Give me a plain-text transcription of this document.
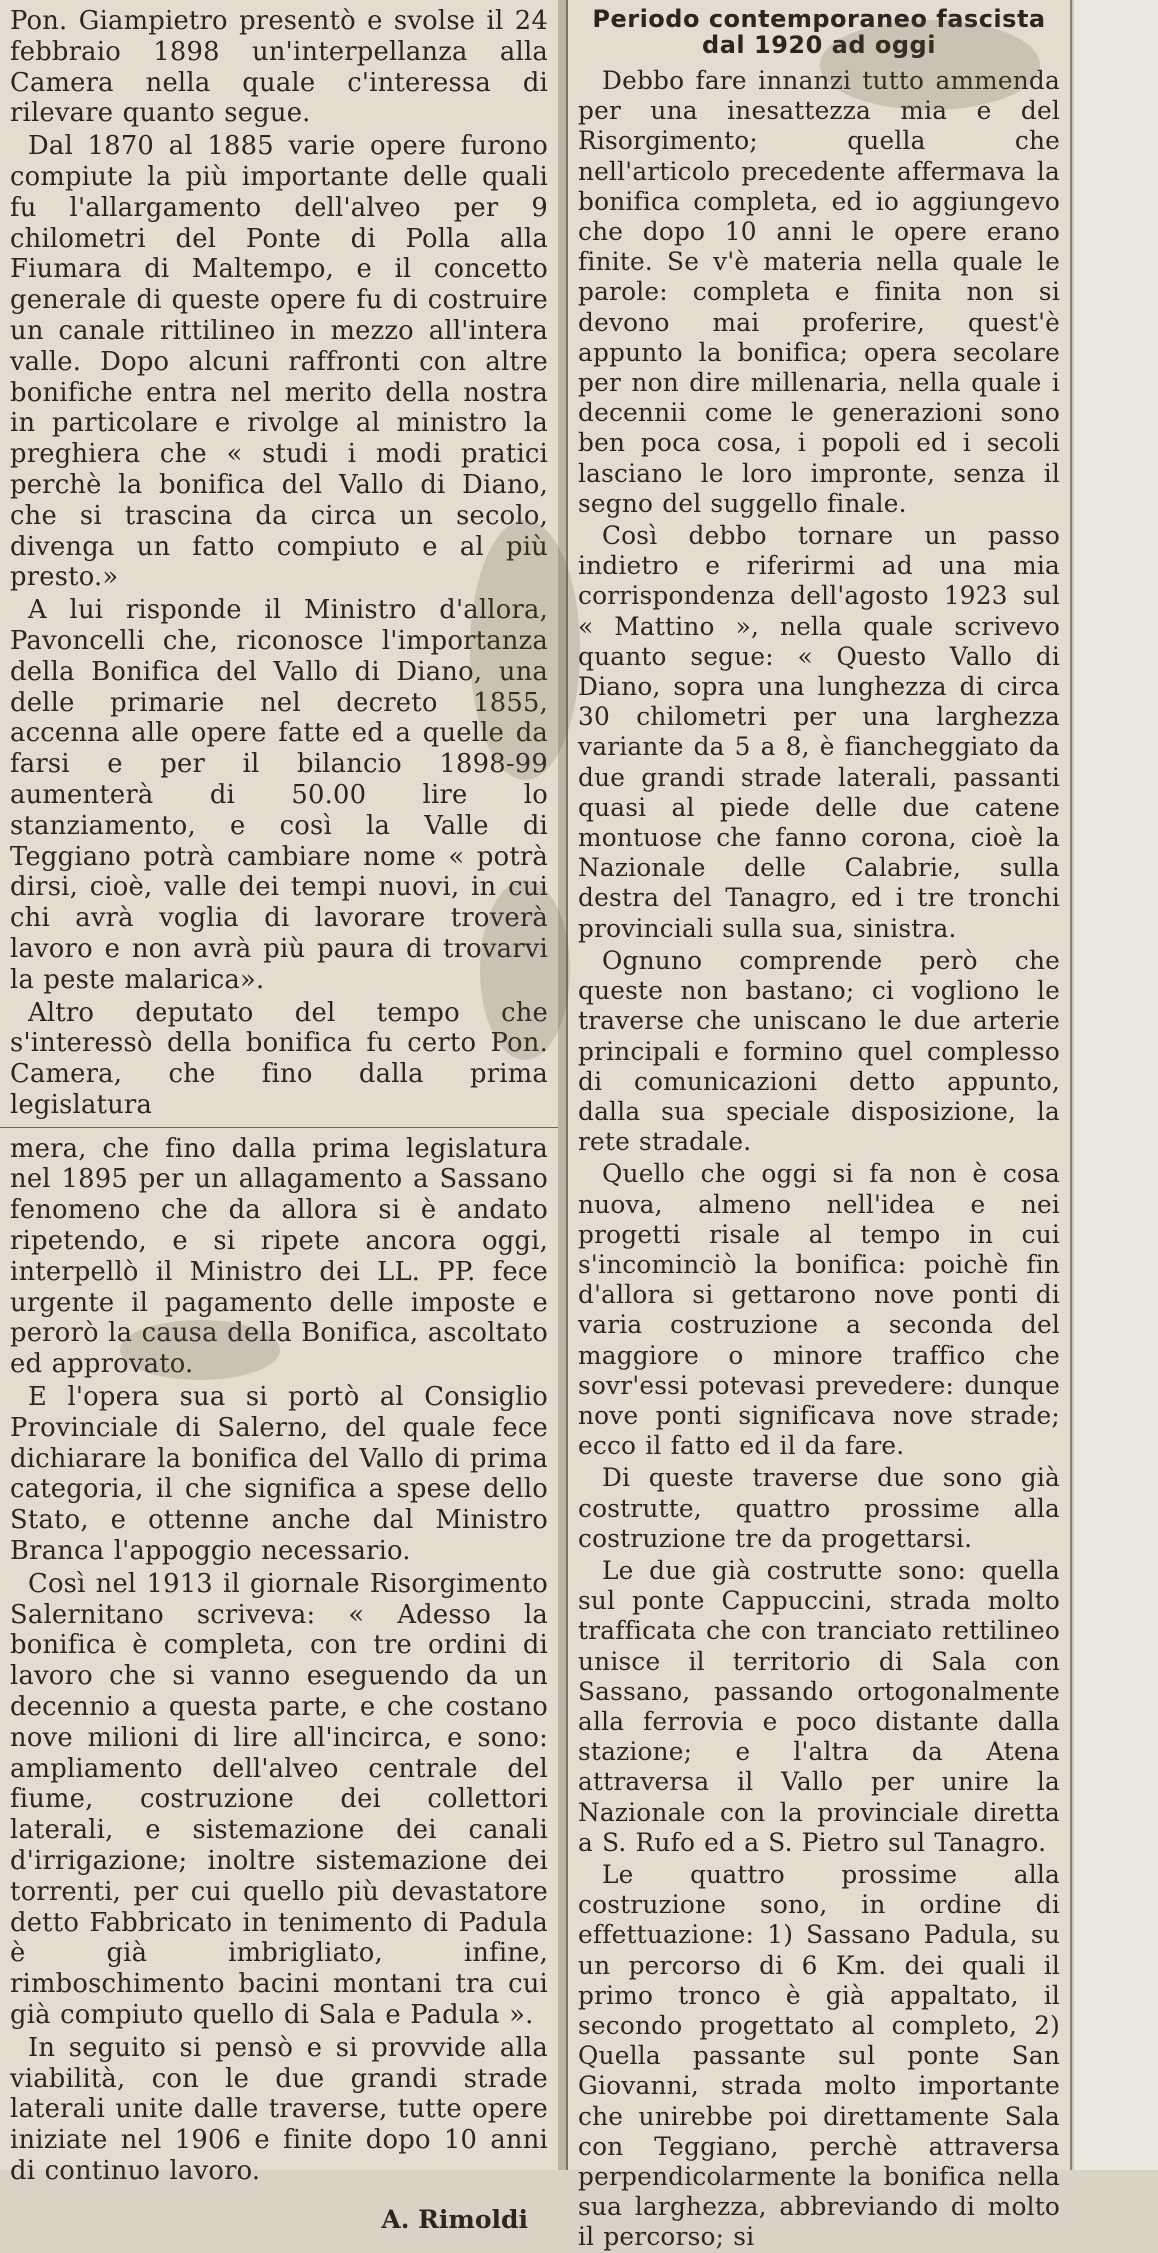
Pon. Giampietro presentò e svolse il 24 febbraio 1898 un'interpellanza alla Camera nella quale c'interessa di rilevare quanto segue.

Dal 1870 al 1885 varie opere furono compiute la più importante delle quali fu l'allargamento dell'alveo per 9 chilometri del Ponte di Polla alla Fiumara di Maltempo, e il concetto generale di queste opere fu di costruire un canale rittilineo in mezzo all'intera valle. Dopo alcuni raffronti con altre bonifiche entra nel merito della nostra in particolare e rivolge al ministro la preghiera che « studi i modi pratici perchè la bonifica del Vallo di Diano, che si trascina da circa un secolo, divenga un fatto compiuto e al più presto.»

A lui risponde il Ministro d'allora, Pavoncelli che, riconosce l'importanza della Bonifica del Vallo di Diano, una delle primarie nel decreto 1855, accenna alle opere fatte ed a quelle da farsi e per il bilancio 1898-99 aumenterà di 50.00 lire lo stanziamento, e così la Valle di Teggiano potrà cambiare nome « potrà dirsi, cioè, valle dei tempi nuovi, in cui chi avrà voglia di lavorare troverà lavoro e non avrà più paura di trovarvi la peste malarica».

Altro deputato del tempo che s'interessò della bonifica fu certo Pon. Camera, che fino dalla prima legislatura

mera, che fino dalla prima legislatura nel 1895 per un allagamento a Sassano fenomeno che da allora si è andato ripetendo, e si ripete ancora oggi, interpellò il Ministro dei LL. PP. fece urgente il pagamento delle imposte e perorò la causa della Bonifica, ascoltato ed approvato.

E l'opera sua si portò al Consiglio Provinciale di Salerno, del quale fece dichiarare la bonifica del Vallo di prima categoria, il che significa a spese dello Stato, e ottenne anche dal Ministro Branca l'appoggio necessario.

Così nel 1913 il giornale Risorgimento Salernitano scriveva: « Adesso la bonifica è completa, con tre ordini di lavoro che si vanno eseguendo da un decennio a questa parte, e che costano nove milioni di lire all'incirca, e sono: ampliamento dell'alveo centrale del fiume, costruzione dei collettori laterali, e sistemazione dei canali d'irrigazione; inoltre sistemazione dei torrenti, per cui quello più devastatore detto Fabbricato in tenimento di Padula è già imbrigliato, infine, rimboschimento bacini montani tra cui già compiuto quello di Sala e Padula ».

In seguito si pensò e si provvide alla viabilità, con le due grandi strade laterali unite dalle traverse, tutte opere iniziate nel 1906 e finite dopo 10 anni di continuo lavoro.

A. Rimoldi
Periodo contemporaneo fascista dal 1920 ad oggi

Debbo fare innanzi tutto ammenda per una inesattezza mia e del Risorgimento; quella che nell'articolo precedente affermava la bonifica completa, ed io aggiungevo che dopo 10 anni le opere erano finite. Se v'è materia nella quale le parole: completa e finita non si devono mai proferire, quest'è appunto la bonifica; opera secolare per non dire millenaria, nella quale i decennii come le generazioni sono ben poca cosa, i popoli ed i secoli lasciano le loro impronte, senza il segno del suggello finale.

Così debbo tornare un passo indietro e riferirmi ad una mia corrispondenza dell'agosto 1923 sul « Mattino », nella quale scrivevo quanto segue: « Questo Vallo di Diano, sopra una lunghezza di circa 30 chilometri per una larghezza variante da 5 a 8, è fiancheggiato da due grandi strade laterali, passanti quasi al piede delle due catene montuose che fanno corona, cioè la Nazionale delle Calabrie, sulla destra del Tanagro, ed i tre tronchi provinciali sulla sua, sinistra.

Ognuno comprende però che queste non bastano; ci vogliono le traverse che uniscano le due arterie principali e formino quel complesso di comunicazioni detto appunto, dalla sua speciale disposizione, la rete stradale.

Quello che oggi si fa non è cosa nuova, almeno nell'idea e nei progetti risale al tempo in cui s'incominciò la bonifica: poichè fin d'allora si gettarono nove ponti di varia costruzione a seconda del maggiore o minore traffico che sovr'essi potevasi prevedere: dunque nove ponti significava nove strade; ecco il fatto ed il da fare.

Di queste traverse due sono già costrutte, quattro prossime alla costruzione tre da progettarsi.

Le due già costrutte sono: quella sul ponte Cappuccini, strada molto trafficata che con tranciato rettilineo unisce il territorio di Sala con Sassano, passando ortogonalmente alla ferrovia e poco distante dalla stazione; e l'altra da Atena attraversa il Vallo per unire la Nazionale con la provinciale diretta a S. Rufo ed a S. Pietro sul Tanagro.

Le quattro prossime alla costruzione sono, in ordine di effettuazione: 1) Sassano Padula, su un percorso di 6 Km. dei quali il primo tronco è già appaltato, il secondo progettato al completo, 2) Quella passante sul ponte San Giovanni, strada molto importante che unirebbe poi direttamente Sala con Teggiano, perchè attraversa perpendicolarmente la bonifica nella sua larghezza, abbreviando di molto il percorso; si
